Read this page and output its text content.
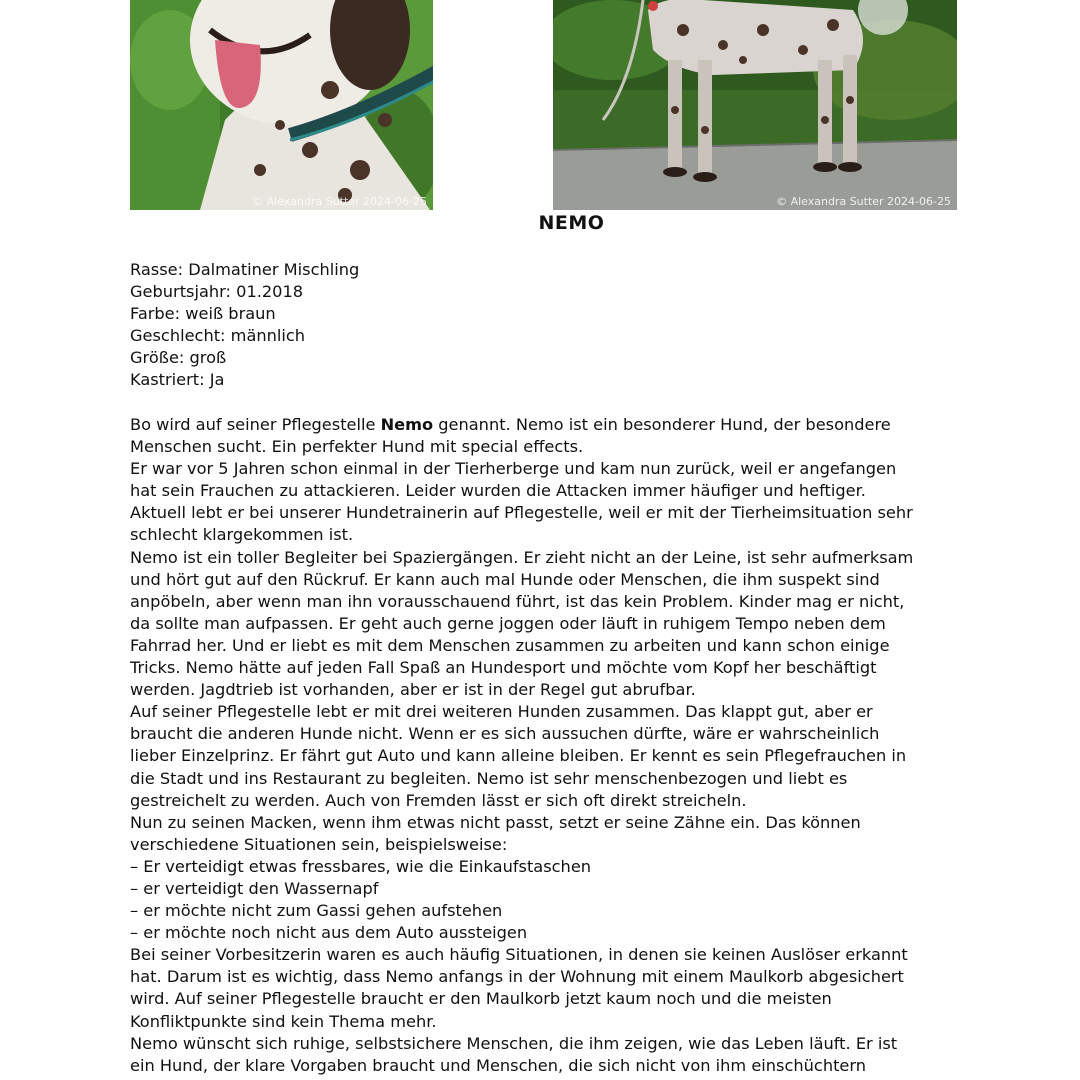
© Alexandra Sutter 2024-06-25	© Alexandra Sutter 2024-06-25
NEMO
Rasse: Dalmatiner Mischling
Geburtsjahr: 01.2018
Farbe: weiß braun
Geschlecht: männlich
Größe: groß
Kastriert: Ja
Bo wird auf seiner Pflegestelle Nemo genannt. Nemo ist ein besonderer Hund, der besondere
Menschen sucht. Ein perfekter Hund mit special effects.
Er war vor 5 Jahren schon einmal in der Tierherberge und kam nun zurück, weil er angefangen
hat sein Frauchen zu attackieren. Leider wurden die Attacken immer häufiger und heftiger.
Aktuell lebt er bei unserer Hundetrainerin auf Pflegestelle, weil er mit der Tierheimsituation sehr
schlecht klargekommen ist.
Nemo ist ein toller Begleiter bei Spaziergängen. Er zieht nicht an der Leine, ist sehr aufmerksam
und hört gut auf den Rückruf. Er kann auch mal Hunde oder Menschen, die ihm suspekt sind
anpöbeln, aber wenn man ihn vorausschauend führt, ist das kein Problem. Kinder mag er nicht,
da sollte man aufpassen. Er geht auch gerne joggen oder läuft in ruhigem Tempo neben dem
Fahrrad her. Und er liebt es mit dem Menschen zusammen zu arbeiten und kann schon einige
Tricks. Nemo hätte auf jeden Fall Spaß an Hundesport und möchte vom Kopf her beschäftigt
werden. Jagdtrieb ist vorhanden, aber er ist in der Regel gut abrufbar.
Auf seiner Pflegestelle lebt er mit drei weiteren Hunden zusammen. Das klappt gut, aber er
braucht die anderen Hunde nicht. Wenn er es sich aussuchen dürfte, wäre er wahrscheinlich
lieber Einzelprinz. Er fährt gut Auto und kann alleine bleiben. Er kennt es sein Pflegefrauchen in
die Stadt und ins Restaurant zu begleiten. Nemo ist sehr menschenbezogen und liebt es
gestreichelt zu werden. Auch von Fremden lässt er sich oft direkt streicheln.
Nun zu seinen Macken, wenn ihm etwas nicht passt, setzt er seine Zähne ein. Das können
verschiedene Situationen sein, beispielsweise:
– Er verteidigt etwas fressbares, wie die Einkaufstaschen
– er verteidigt den Wassernapf
– er möchte nicht zum Gassi gehen aufstehen
– er möchte noch nicht aus dem Auto aussteigen
Bei seiner Vorbesitzerin waren es auch häufig Situationen, in denen sie keinen Auslöser erkannt
hat. Darum ist es wichtig, dass Nemo anfangs in der Wohnung mit einem Maulkorb abgesichert
wird. Auf seiner Pflegestelle braucht er den Maulkorb jetzt kaum noch und die meisten
Konfliktpunkte sind kein Thema mehr.
Nemo wünscht sich ruhige, selbstsichere Menschen, die ihm zeigen, wie das Leben läuft. Er ist
ein Hund, der klare Vorgaben braucht und Menschen, die sich nicht von ihm einschüchtern
